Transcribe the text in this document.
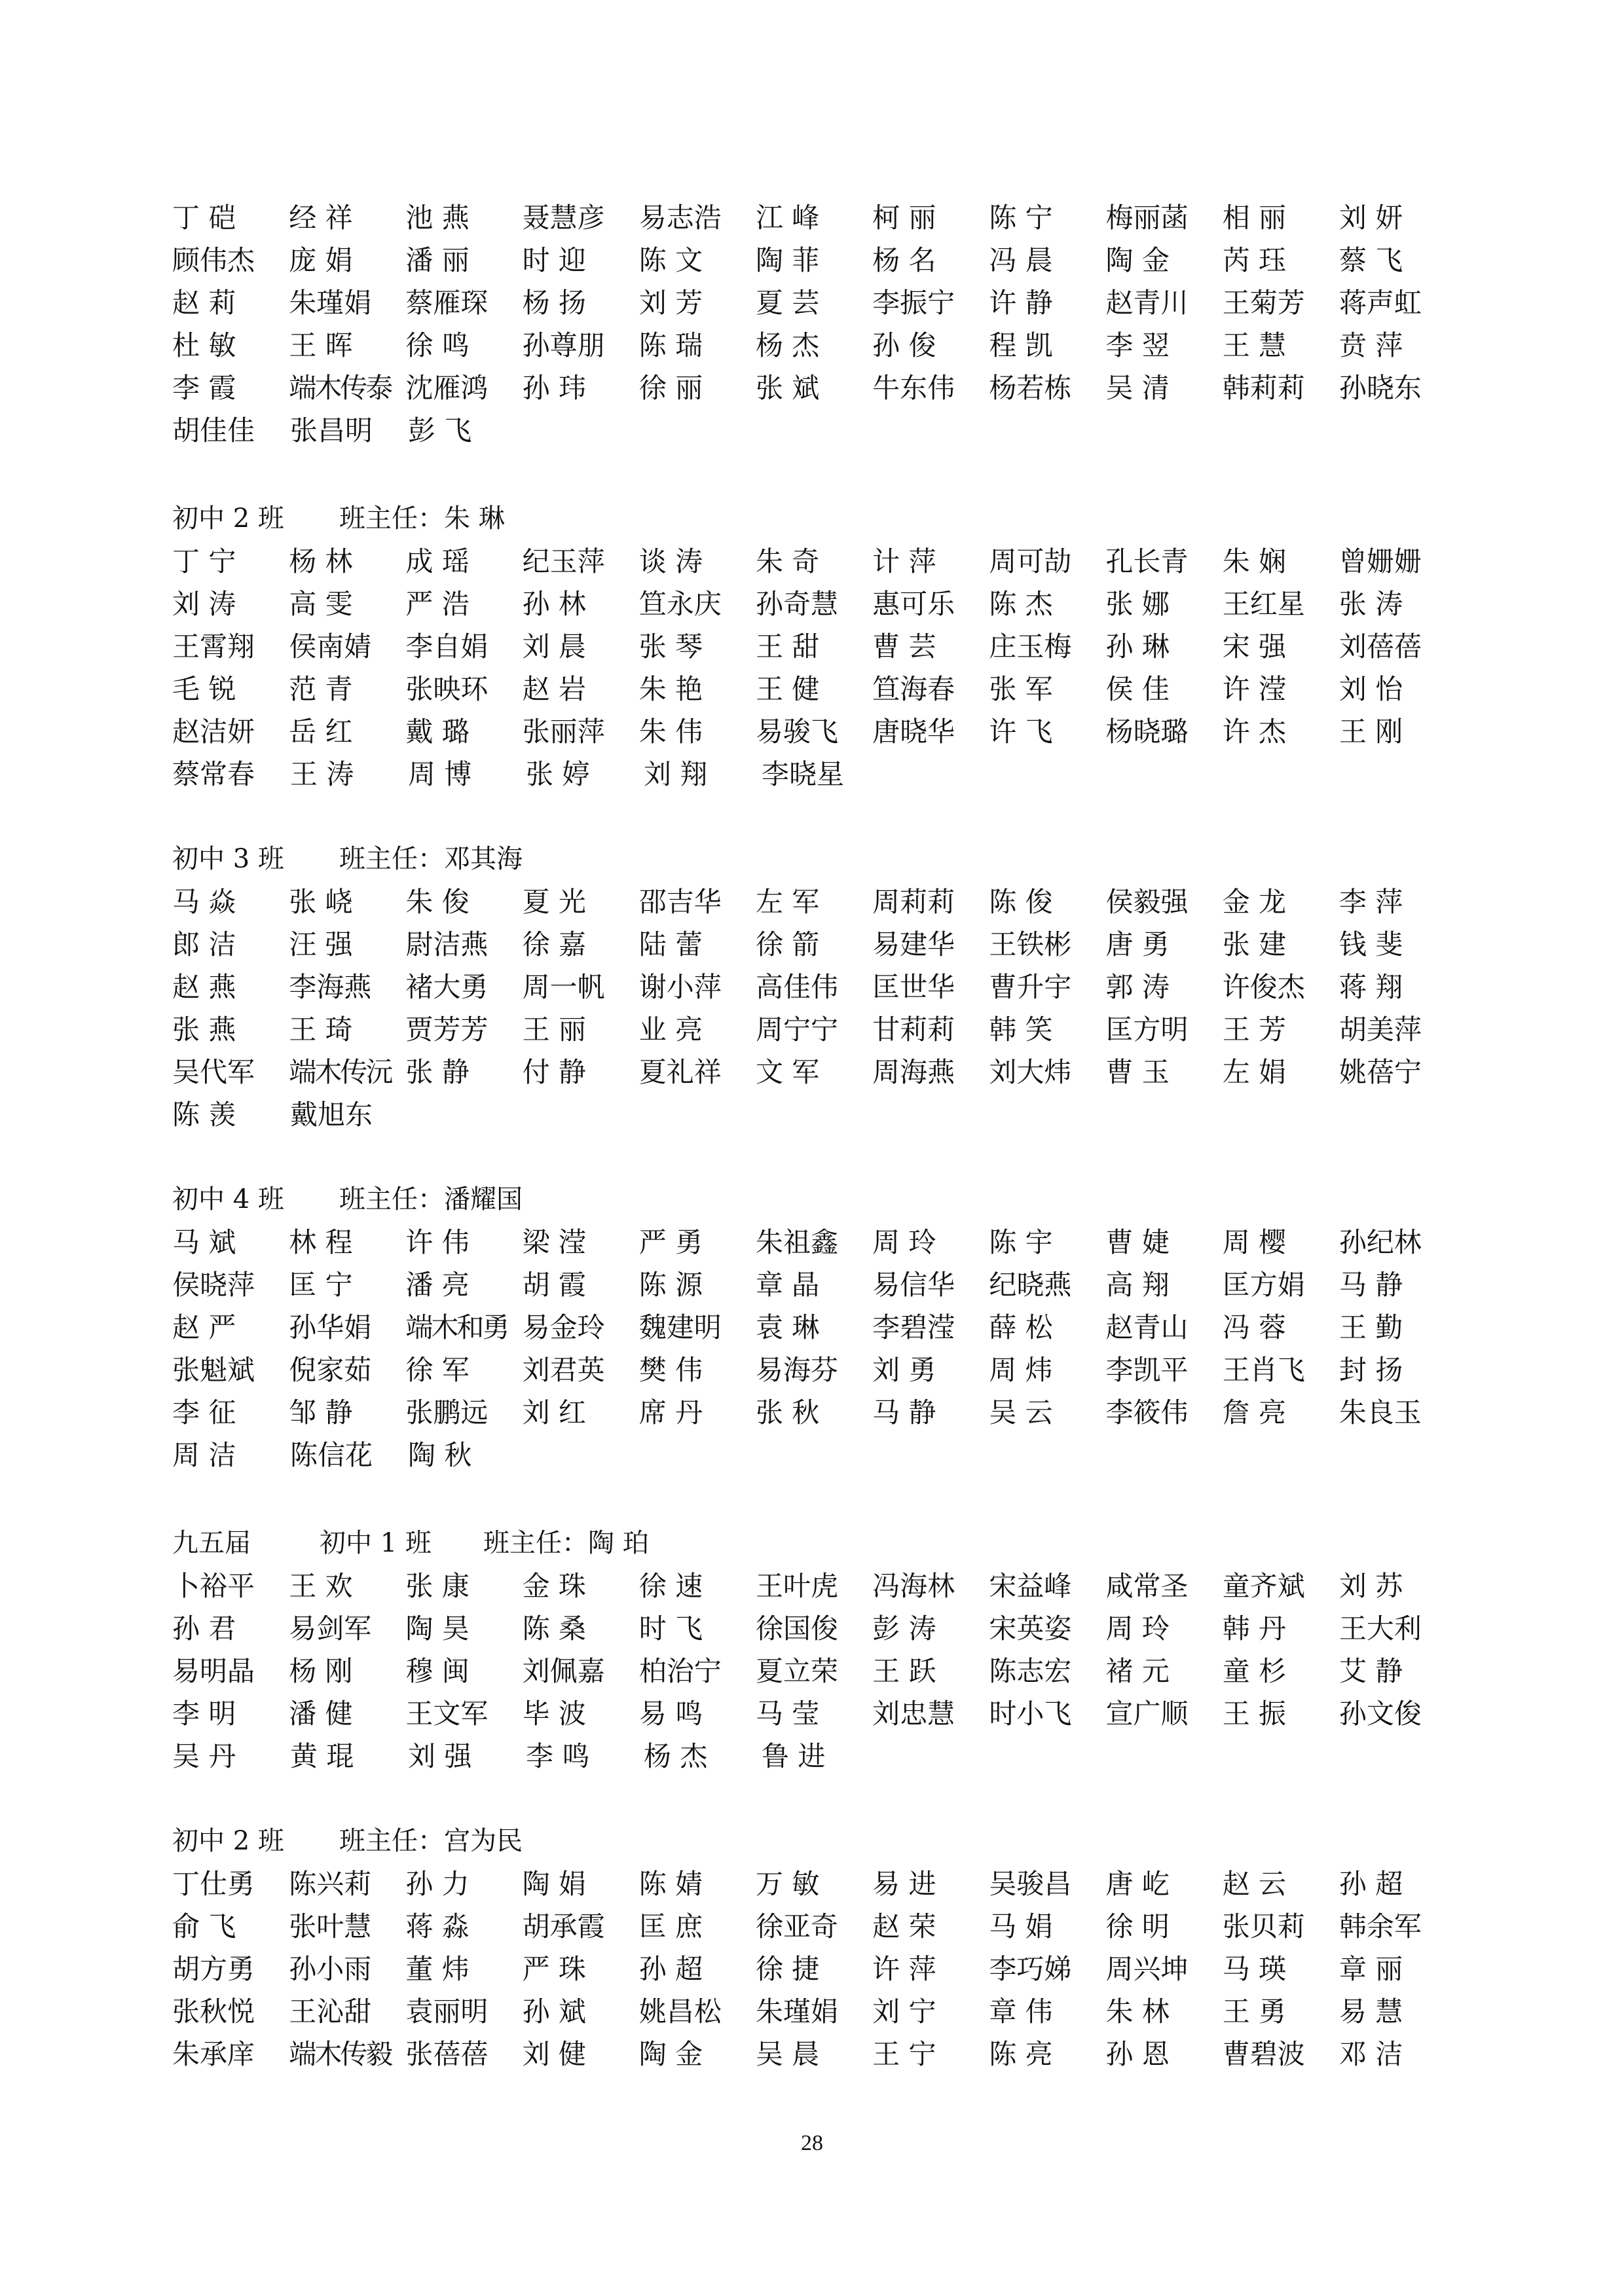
丁 硙	经 祥	池 燕	聂慧彦	易志浩	江 峰	柯 丽	陈 宁	梅丽菡	相 丽	刘 妍
顾伟杰	庞 娟	潘 丽	时 迎	陈 文	陶 菲	杨 名	冯 晨	陶 金	芮 珏	蔡 飞
赵 莉	朱瑾娟	蔡雁琛	杨 扬	刘 芳	夏 芸	李振宁	许 静	赵青川	王菊芳	蒋声虹
杜 敏	王 晖	徐 鸣	孙尊朋	陈 瑞	杨 杰	孙 俊	程 凯	李 翌	王 慧	贲 萍
李 霞	端木传泰 沈雁鸿	孙 玮	徐 丽	张 斌	牛东伟	杨若栋	吴 清	韩莉莉	孙晓东
胡佳佳	张昌明	彭 飞
初中 2 班 班主任：朱 琳
丁 宁	杨 林	成 瑶	纪玉萍	谈 涛	朱 奇	计 萍	周可劼	孔长青	朱 娴	曾姗姗
刘 涛	高 雯	严 浩	孙 林	笪永庆	孙奇慧	惠可乐	陈 杰	张 娜	王红星	张 涛
王霄翔	侯南婧	李自娟	刘 晨	张 琴	王 甜	曹 芸	庄玉梅	孙 琳	宋 强	刘蓓蓓
毛 锐	范 青	张映环	赵 岩	朱 艳	王 健	笪海春	张 军	侯 佳	许 滢	刘 怡
赵洁妍	岳 红	戴 璐	张丽萍	朱 伟	易骏飞	唐晓华	许 飞	杨晓璐	许 杰	王 刚
蔡常春	王 涛	周 博	张 婷	刘 翔	李晓星
初中 3 班 班主任：邓其海
马 焱	张 峣	朱 俊	夏 光	邵吉华	左 军	周莉莉	陈 俊	侯毅强	金 龙	李 萍
郎 洁	汪 强	尉洁燕	徐 嘉	陆 蕾	徐 箭	易建华	王铁彬	唐 勇	张 建	钱 斐
赵 燕	李海燕	褚大勇	周一帆	谢小萍	高佳伟	匡世华	曹升宇	郭 涛	许俊杰	蒋 翔
张 燕	王 琦	贾芳芳	王 丽	业 亮	周宁宁	甘莉莉	韩 笑	匡方明	王 芳	胡美萍
吴代军	端木传沅 张 静	付 静	夏礼祥	文 军	周海燕	刘大炜	曹 玉	左 娟	姚蓓宁
陈 羡	戴旭东
初中 4 班 班主任：潘耀国
马 斌	林 程	许 伟	梁 滢	严 勇	朱祖鑫	周 玲	陈 宇	曹 婕	周 樱	孙纪林
侯晓萍	匡 宁	潘 亮	胡 霞	陈 源	章 晶	易信华	纪晓燕	高 翔	匡方娟	马 静
赵 严	孙华娟	端木和勇 易金玲	魏建明	袁 琳	李碧滢	薛 松	赵青山	冯 蓉	王 勤
张魁斌	倪家茹	徐 军	刘君英	樊 伟	易海芬	刘 勇	周 炜	李凯平	王肖飞	封 扬
李 征	邹 静	张鹏远	刘 红	席 丹	张 秋	马 静	吴 云	李筱伟	詹 亮	朱良玉
周 洁	陈信花	陶 秋
九五届	初中 1 班 班主任：陶 珀
卜裕平	王 欢	张 康	金 珠	徐 速	王叶虎	冯海林	宋益峰	咸常圣	童齐斌	刘 苏
孙 君	易剑军	陶 昊	陈 桑	时 飞	徐国俊	彭 涛	宋英姿	周 玲	韩 丹	王大利
易明晶	杨 刚	穆 闽	刘佩嘉	柏治宁	夏立荣	王 跃	陈志宏	褚 元	童 杉	艾 静
李 明	潘 健	王文军	毕 波	易 鸣	马 莹	刘忠慧	时小飞	宣广顺	王 振	孙文俊
吴 丹	黄 琨	刘 强	李 鸣	杨 杰	鲁 进
初中 2 班 班主任：宫为民
丁仕勇	陈兴莉	孙 力	陶 娟	陈 婧	万 敏	易 进	吴骏昌	唐 屹	赵 云	孙 超
俞 飞	张叶慧	蒋 淼	胡承霞	匡 庶	徐亚奇	赵 荣	马 娟	徐 明	张贝莉	韩余军
胡方勇	孙小雨	董 炜	严 珠	孙 超	徐 捷	许 萍	李巧娣	周兴坤	马 瑛	章 丽
张秋悦	王沁甜	袁丽明	孙 斌	姚昌松	朱瑾娟	刘 宁	章 伟	朱 林	王 勇	易 慧
朱承庠	端木传毅 张蓓蓓	刘 健	陶 金	吴 晨	王 宁	陈 亮	孙 恩	曹碧波	邓 洁
28
